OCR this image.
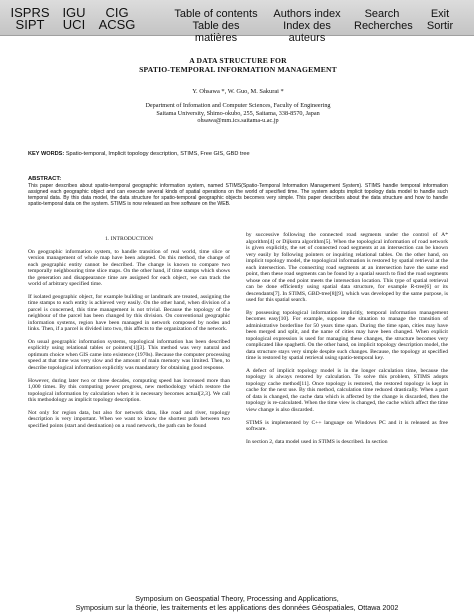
ISPRS
SIPT
IGU
UCI
CIG
ACSG
Table of contents
Table des matières
Authors index
Index des auteurs
Search
Recherches
Exit
Sortir
A DATA STRUCTURE FOR
SPATIO-TEMPORAL INFORMATION MANAGEMENT
Y. Ohsawa *, W. Guo, M. Sakurai *
Department of Infomation and Computer Sciences, Faculty of Engineering
Saitama University, Shimo-okubo, 255, Saitama, 338-8570, Japan
ohsawa@mm.ics.saitama-u.ac.jp
KEY WORDS: Spatio-temporal, Implicit topology description, STIMS, Free GIS, GBD tree
ABSTRACT:
This paper describes about spatio-temporal geographic information system, named STIMS(Spatio-Temporal Information Management System). STIMS handle temporal information assigned each geographic object and can execute several kinds of spatial operations on the world of specified time. The system adopts implicit topology data model to handle such temporal data. By this data model, the data structure for spatio-temporal geographic objects becomes very simple. This paper describes about the data structure and how to handle spatio-temporal data on the system. STIMS is now released as free software on the WEB.
1. INTRODUCTION

On geographic information system, to handle transition of real world, time slice or version management of whole map have been adopted. On this method, the change of each geographic entity cannot be described. The change is known to compare two temporally neighbouring time slice maps. On the other hand, if time stamps which shows the generation and disappearance time are assigned for each object, we can track the world of arbitrary specified time.

If isolated geographic object, for example building or landmark are treated, assigning the time stamps to each entity is achieved very easily. On the other hand, when division of a parcel is concerned, this time management is not trivial. Because the topology of the neighbour of the parcel has been changed by this division. On conventional geographic information systems, region have been managed in network composed by nodes and links. Then, if a parcel is divided into two, this affects to the organization of the network.

On usual geographic information systems, topological information has been described explicitly using relational tables or pointers[1][3]. This method was very natural and optimum choice when GIS came into existence (1970s). Because the computer processing speed at that time was very slow and the amount of main memory was limited. Then, to describe topological information explicitly was mandatory for obtaining good response.

However, during later two or three decades, computing speed has increased more than 1,000 times. By this computing power progress, new methodology which restore the topological information by calculation when it is necessary becomes actual[2,3]. We call this methodology as implicit topology description.

Not only for region data, but also for network data, like road and river, topology description is very important. When we want to know the shortest path between two specified points (start and destination) on a road network, the path can be found

by successive following the connected road segments under the control of A* algorithm[4] or Dijkstra algorithm[5]. When the topological information of road network is given explicitly, the set of connected road segments at an intersection can be known very easily by following pointers or inquiring relational tables. On the other hand, on implicit topology model, the topological information is restored by spatial retrieval at the each intersection. The connecting road segments at an intersection have the same end point, then these road segments can be found by a spatial search to find the road segments whose one of the end point meets the intersection location. This type of spatial retrieval can be done efficiently using spatial data structure, for example R-tree[6] or its descendants[7]. In STIMS, GBD-tree[8][9], which was developed by the same purpose, is used for this spatial search.

By possessing topological information implicitly, temporal information management becomes easy[10]. For example, suppose the situation to manage the transition of administrative borderline for 50 years time span. During the time span, cities may have been merged and split, and the name of cities may have been changed. When explicit topological expression is used for managing these changes, the structure becomes very complicated like spaghetti. On the other hand, on implicit topology description model, the data structure stays very simple despite such changes. Because, the topology at specified time is restored by spatial retrieval using spatio-temporal key.

A defect of implicit topology model is in the longer calculation time, because the topology is always restored by calculation. To solve this problem, STIMS adopts topology cache method[11]. Once topology is restored, the restored topology is kept in cache for the next use. By this method, calculation time reduced drastically. When a part of data is changed, the cache data which is affected by the change is discarded, then the topology is re-calculated. When the time view is changed, the cache which affect the time view change is also discarded.

STIMS is implemented by C++ language on Windows PC and it is released as free software.

In section 2, data model used in STIMS is described. In section

Symposium on Geospatial Theory, Processing and Applications,
Symposium sur la théorie, les traitements et les applications des données Géospatiales, Ottawa 2002
